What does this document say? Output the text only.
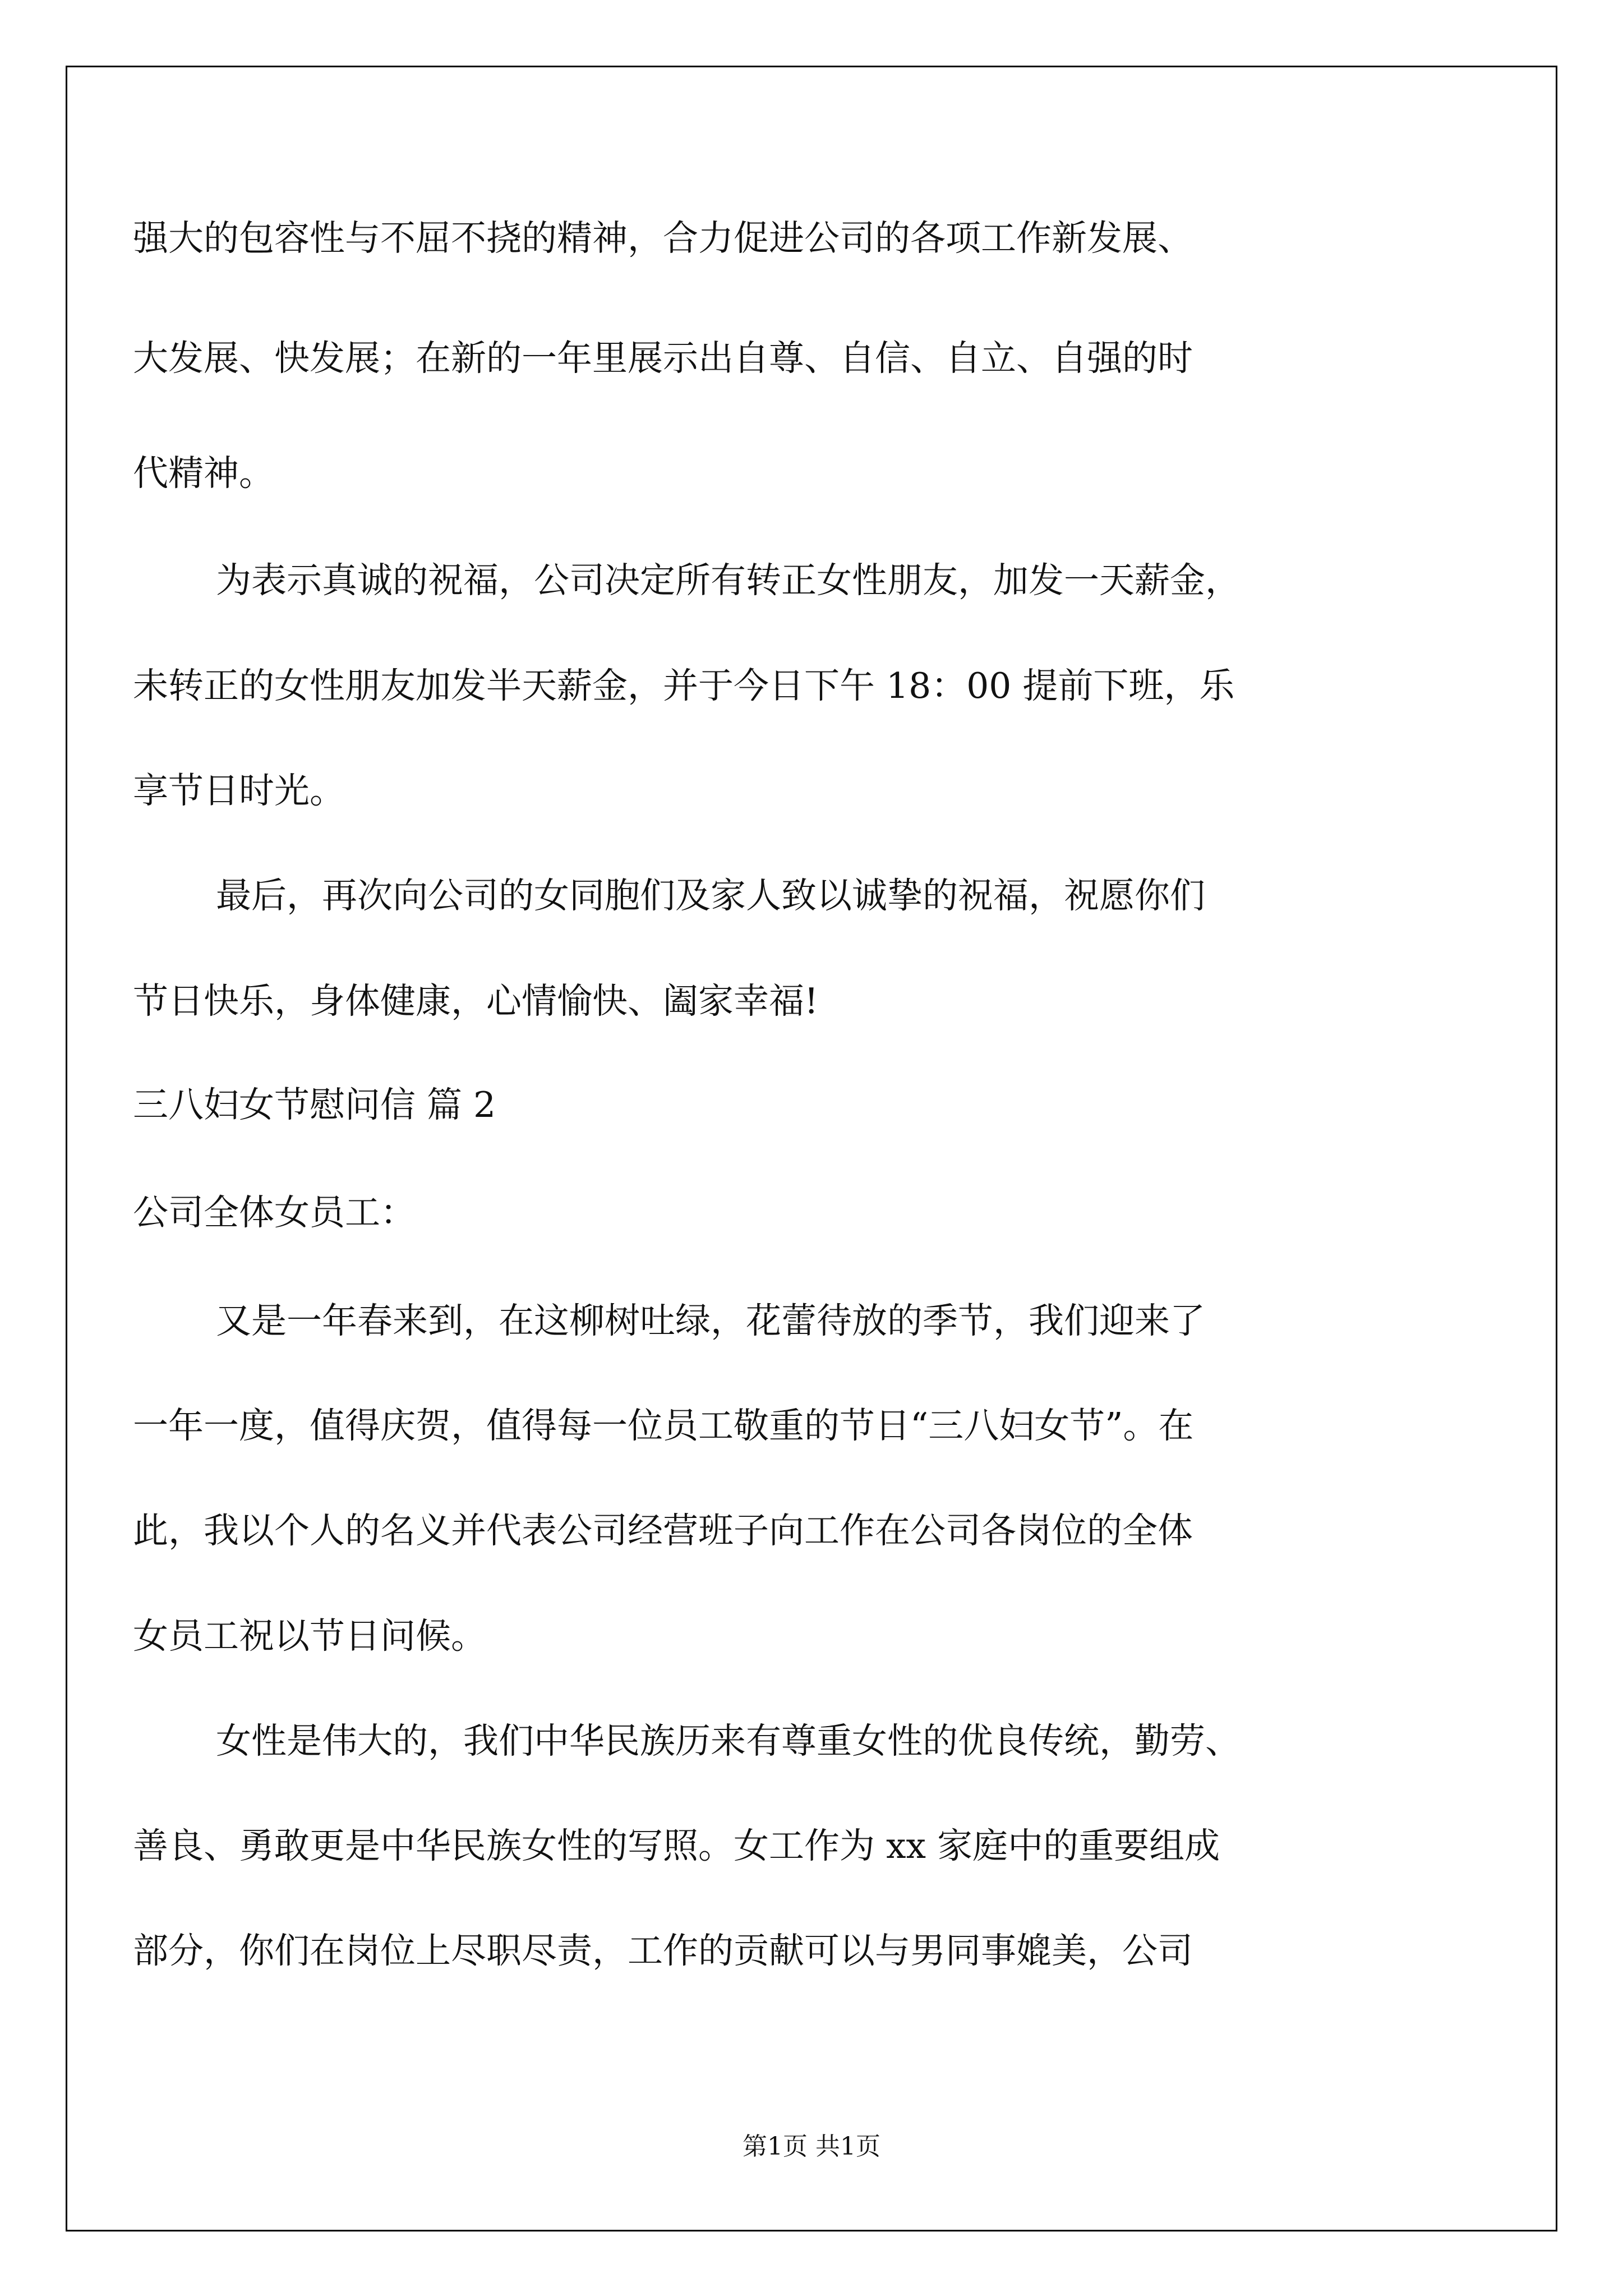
强大的包容性与不屈不挠的精神，合力促进公司的各项工作新发展、
大发展、快发展；在新的一年里展示出自尊、自信、自立、自强的时
代精神。
为表示真诚的祝福，公司决定所有转正女性朋友，加发一天薪金，
未转正的女性朋友加发半天薪金，并于今日下午 18：00 提前下班，乐
享节日时光。
最后，再次向公司的女同胞们及家人致以诚挚的祝福，祝愿你们
节日快乐，身体健康，心情愉快、阖家幸福!
三八妇女节慰问信 篇 2
公司全体女员工：
又是一年春来到，在这柳树吐绿，花蕾待放的季节，我们迎来了
一年一度，值得庆贺，值得每一位员工敬重的节日“三八妇女节”。在
此，我以个人的名义并代表公司经营班子向工作在公司各岗位的全体
女员工祝以节日问候。
女性是伟大的，我们中华民族历来有尊重女性的优良传统，勤劳、
善良、勇敢更是中华民族女性的写照。女工作为 xx 家庭中的重要组成
部分，你们在岗位上尽职尽责，工作的贡献可以与男同事媲美，公司
第1页 共1页
